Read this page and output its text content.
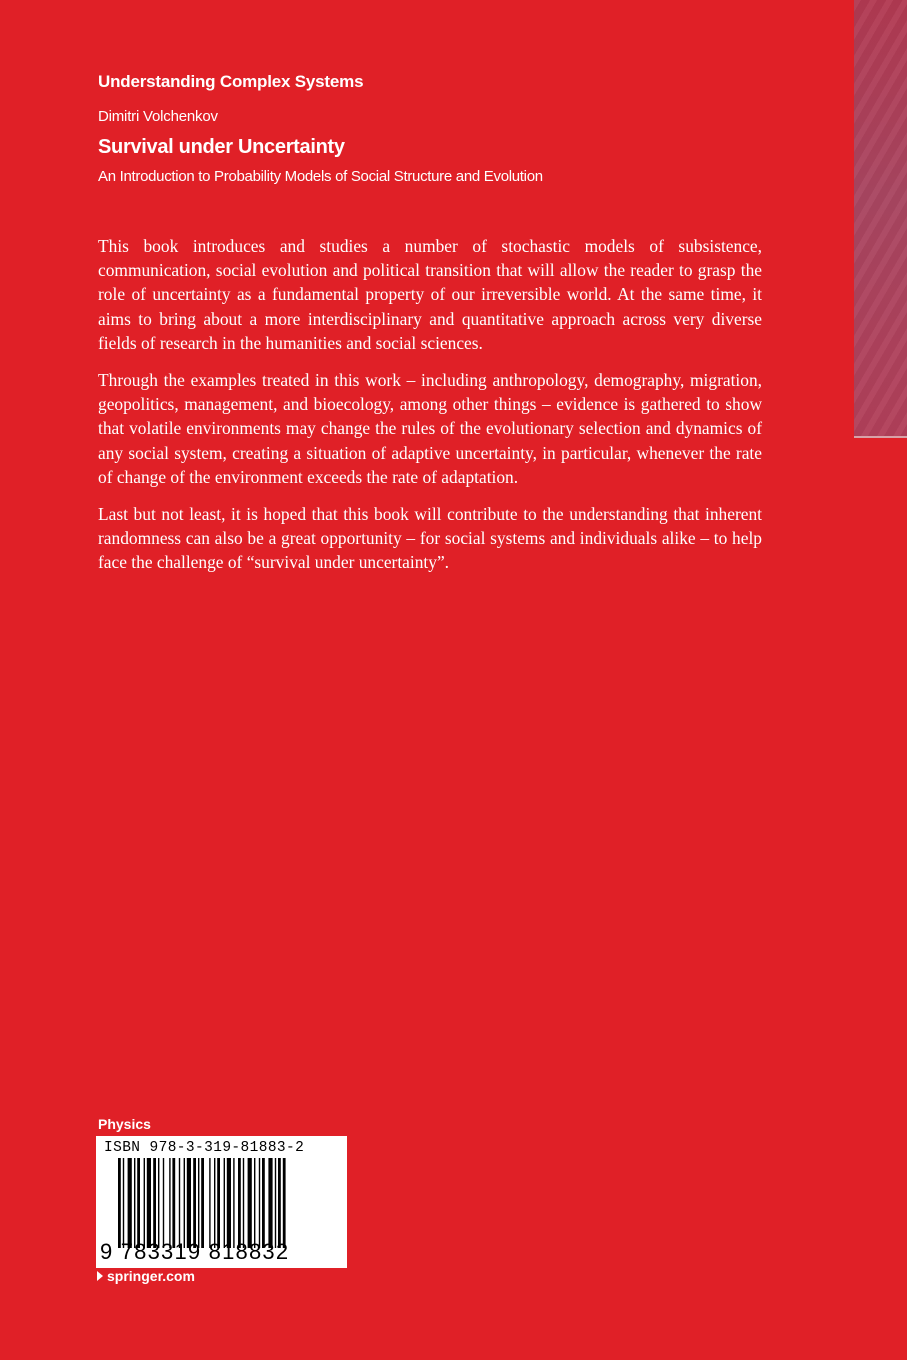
Understanding Complex Systems
Dimitri Volchenkov
Survival under Uncertainty
An Introduction to Probability Models of Social Structure and Evolution

This book introduces and studies a number of stochastic models of subsistence, communication, social evolution and political transition that will allow the reader to grasp the role of uncertainty as a fundamental property of our irreversible world. At the same time, it aims to bring about a more interdisciplinary and quantitative approach across very diverse fields of research in the humanities and social sciences.

Through the examples treated in this work – including anthropology, demography, migration, geopolitics, management, and bioecology, among other things – evidence is gathered to show that volatile environments may change the rules of the evolutionary selection and dynamics of any social system, creating a situation of adaptive uncertainty, in particular, whenever the rate of change of the environment exceeds the rate of adaptation.

Last but not least, it is hoped that this book will contribute to the understanding that inherent randomness can also be a great opportunity – for social systems and individuals alike – to help face the challenge of “survival under uncertainty”.

Physics
ISBN 978-3-319-81883-2
9 783319 818832
springer.com
